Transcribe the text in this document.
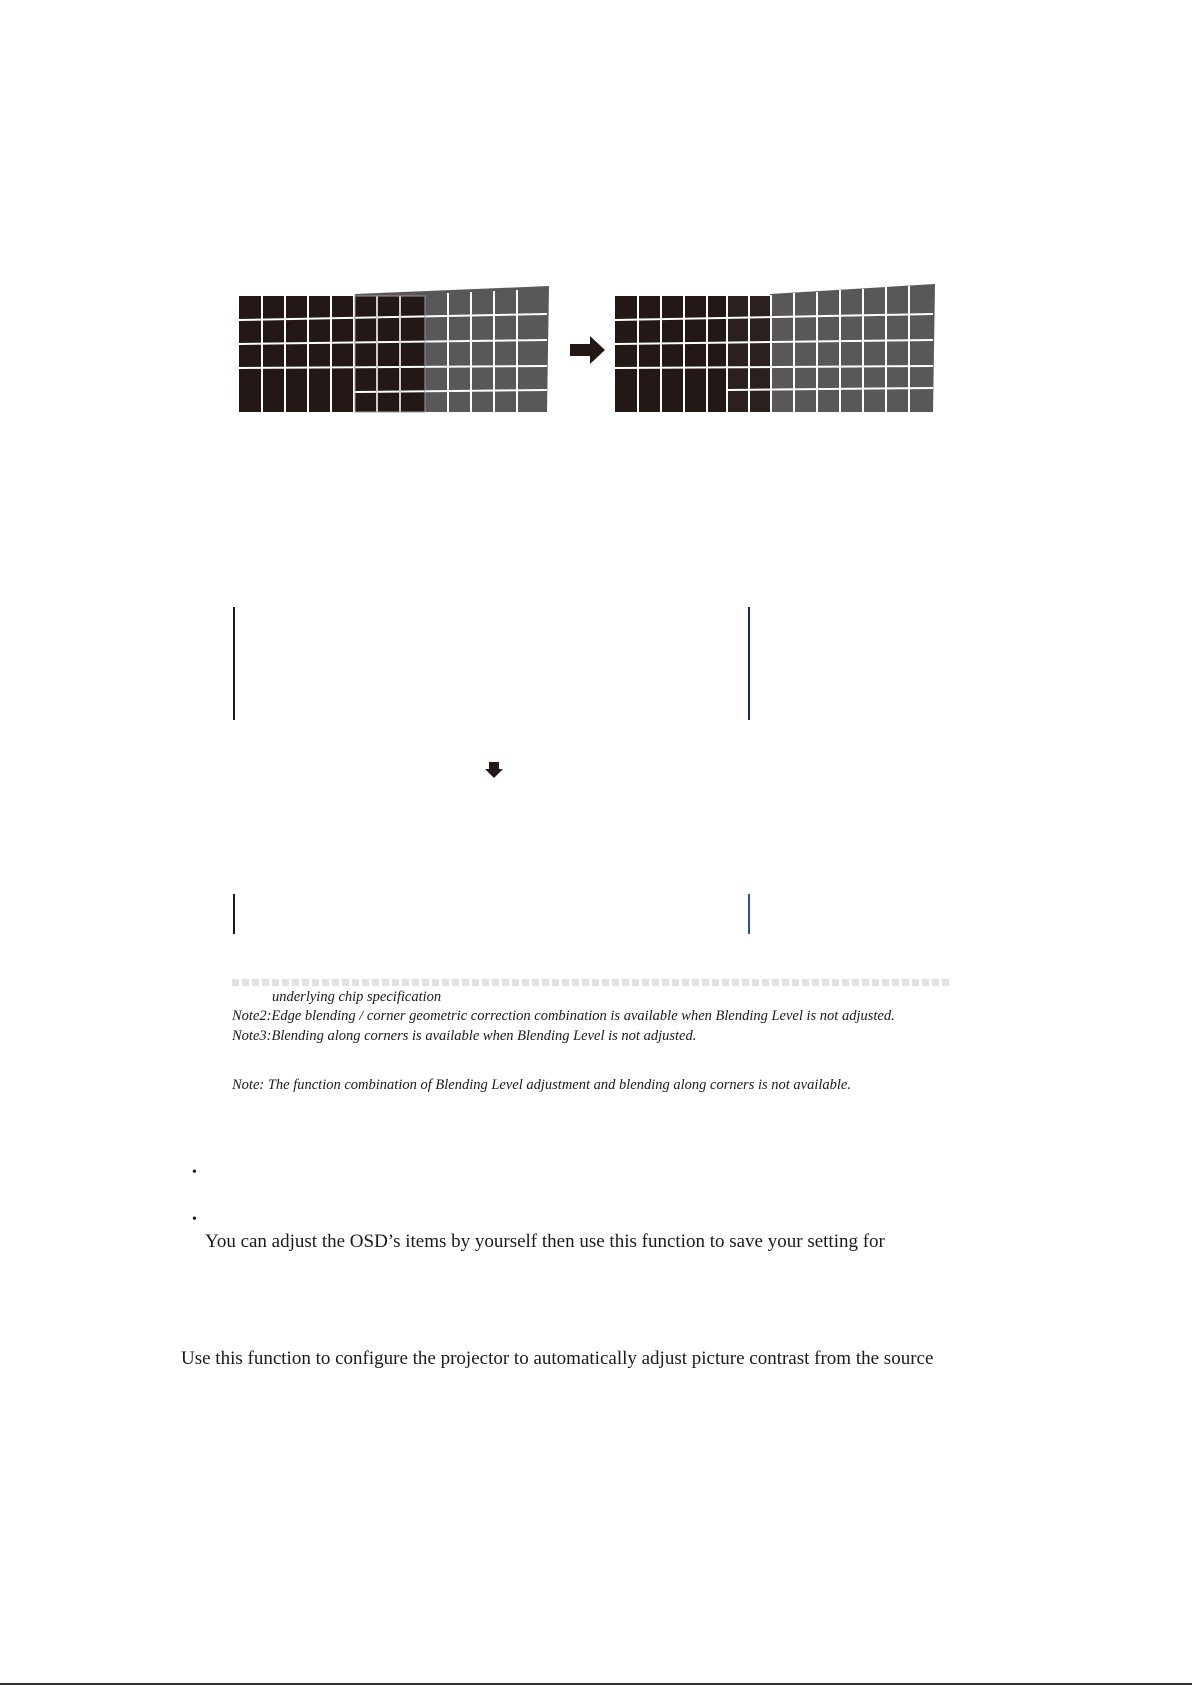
underlying chip specification
Note2:Edge blending / corner geometric correction combination is available when Blending Level is not adjusted.
Note3:Blending along corners is available when Blending Level is not adjusted.
Note: The function combination of Blending Level adjustment and blending along corners is not available.
•
•
You can adjust the OSD’s items by yourself then use this function to save your setting for
Use this function to configure the projector to automatically adjust picture contrast from the source
